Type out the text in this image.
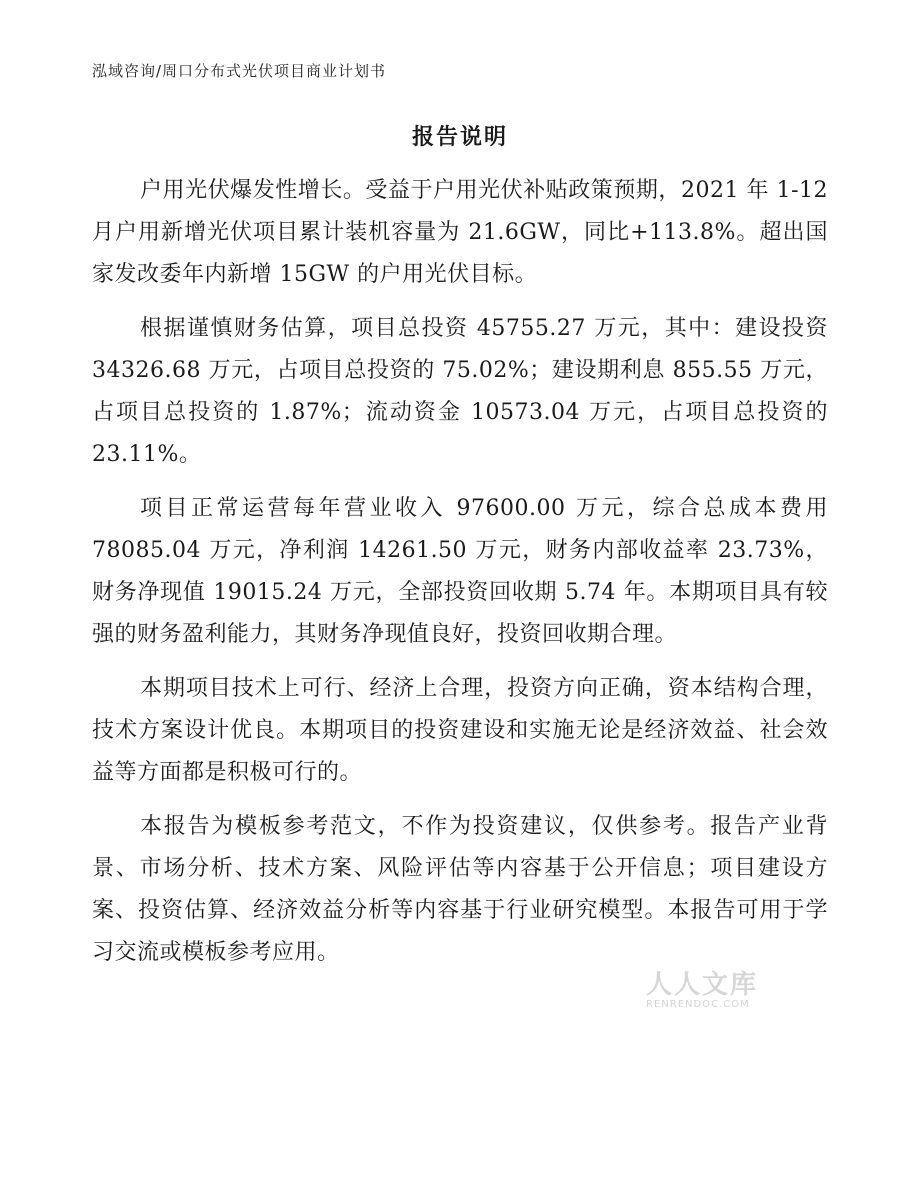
泓域咨询/周口分布式光伏项目商业计划书
报告说明

户用光伏爆发性增长。受益于户用光伏补贴政策预期，2021 年 1-12 月户用新增光伏项目累计装机容量为 21.6GW，同比+113.8%。超出国家发改委年内新增 15GW 的户用光伏目标。

根据谨慎财务估算，项目总投资 45755.27 万元，其中：建设投资 34326.68 万元，占项目总投资的 75.02%；建设期利息 855.55 万元，占项目总投资的 1.87%；流动资金 10573.04 万元，占项目总投资的 23.11%。

项目正常运营每年营业收入 97600.00 万元，综合总成本费用 78085.04 万元，净利润 14261.50 万元，财务内部收益率 23.73%，财务净现值 19015.24 万元，全部投资回收期 5.74 年。本期项目具有较强的财务盈利能力，其财务净现值良好，投资回收期合理。

本期项目技术上可行、经济上合理，投资方向正确，资本结构合理，技术方案设计优良。本期项目的投资建设和实施无论是经济效益、社会效益等方面都是积极可行的。

本报告为模板参考范文，不作为投资建议，仅供参考。报告产业背景、市场分析、技术方案、风险评估等内容基于公开信息；项目建设方案、投资估算、经济效益分析等内容基于行业研究模型。本报告可用于学习交流或模板参考应用。

人人文库
RENRENDOC.COM
